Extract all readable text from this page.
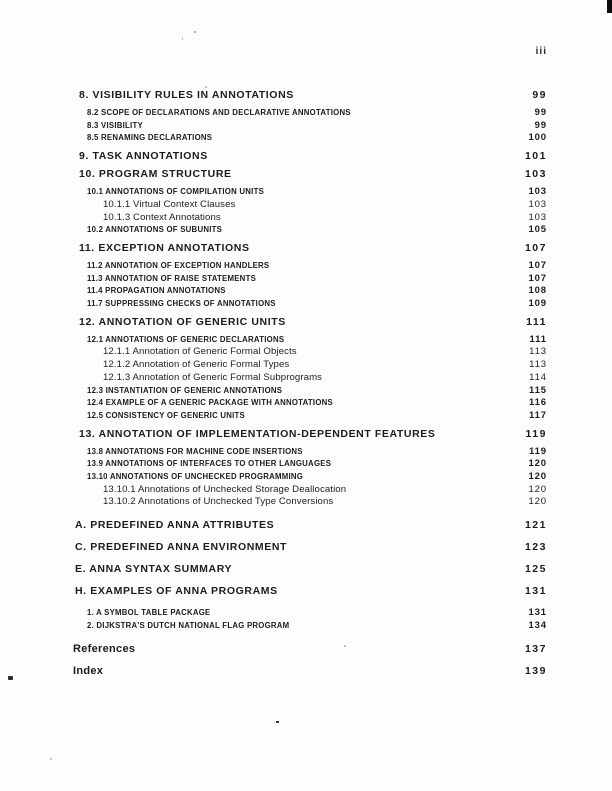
iii
8. VISIBILITY RULES IN ANNOTATIONS	99
8.2 SCOPE OF DECLARATIONS AND DECLARATIVE ANNOTATIONS	99
8.3 VISIBILITY	99
8.5 RENAMING DECLARATIONS	100
9. TASK ANNOTATIONS	101
10. PROGRAM STRUCTURE	103
10.1 ANNOTATIONS OF COMPILATION UNITS	103
10.1.1 Virtual Context Clauses	103
10.1.3 Context Annotations	103
10.2 ANNOTATIONS OF SUBUNITS	105
11. EXCEPTION ANNOTATIONS	107
11.2 ANNOTATION OF EXCEPTION HANDLERS	107
11.3 ANNOTATION OF RAISE STATEMENTS	107
11.4 PROPAGATION ANNOTATIONS	108
11.7 SUPPRESSING CHECKS OF ANNOTATIONS	109
12. ANNOTATION OF GENERIC UNITS	111
12.1 ANNOTATIONS OF GENERIC DECLARATIONS	111
12.1.1 Annotation of Generic Formal Objects	113
12.1.2 Annotation of Generic Formal Types	113
12.1.3 Annotation of Generic Formal Subprograms	114
12.3 INSTANTIATION OF GENERIC ANNOTATIONS	115
12.4 EXAMPLE OF A GENERIC PACKAGE WITH ANNOTATIONS	116
12.5 CONSISTENCY OF GENERIC UNITS	117
13. ANNOTATION OF IMPLEMENTATION-DEPENDENT FEATURES	119
13.8 ANNOTATIONS FOR MACHINE CODE INSERTIONS	119
13.9 ANNOTATIONS OF INTERFACES TO OTHER LANGUAGES	120
13.10 ANNOTATIONS OF UNCHECKED PROGRAMMING	120
13.10.1 Annotations of Unchecked Storage Deallocation	120
13.10.2 Annotations of Unchecked Type Conversions	120
A. PREDEFINED ANNA ATTRIBUTES	121
C. PREDEFINED ANNA ENVIRONMENT	123
E. ANNA SYNTAX SUMMARY	125
H. EXAMPLES OF ANNA PROGRAMS	131
1. A SYMBOL TABLE PACKAGE	131
2. DIJKSTRA'S DUTCH NATIONAL FLAG PROGRAM	134
References	137
Index	139
